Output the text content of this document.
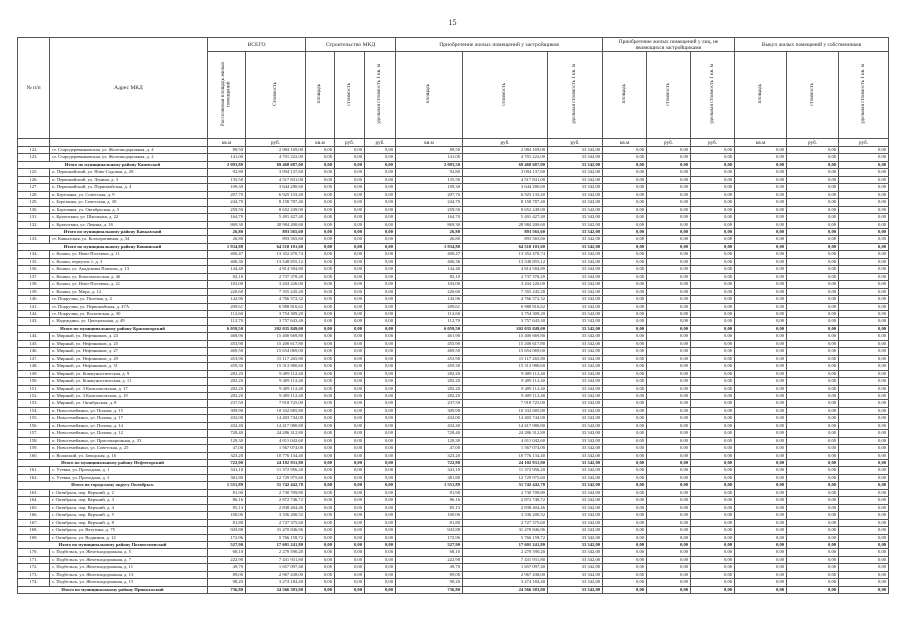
15
№ п/п	Адрес МКД	ВСЕГО		Строительство МКД			Приобретение жилых помещений у застройщиков			Приобретение жилых помещений у лиц, не являющихся застройщиками			Выкуп жилых помещений у собственников		
		Расселяемая площадь жилых помещений	Стоимость	площадь	стоимость	удельная стоимость 1 кв. м	площадь	стоимость	удельная стоимость 1 кв. м	площадь	стоимость	удельная стоимость 1 кв. м	площадь	стоимость	удельная стоимость 1 кв. м
		кв.м	руб.	кв.м	руб.	руб.	кв.м	руб.	руб.	кв.м	руб.	руб.	кв.м	руб.	руб.
122.	ст. Стародеревянковская, ул. Железнодорожная, д. 4	89,50	2 984 169,00	0,00	0,00	0,00	89,50	2 984 169,00	33 342,00	0,00	0,00	0,00	0,00	0,00	0,00
123.	ст. Стародеревянковская, ул. Железнодорожная, д. 2	141,00	4 701 222,00	0,00	0,00	0,00	141,00	4 701 222,00	33 342,00	0,00	0,00	0,00	0,00	0,00	0,00
Итого по муниципальному району Каневской		2 093,80	69 468 687,00	0,00	0,00	0,00	2 083,50	69 468 687,00	33 342,00	0,00	0,00	0,00	0,00	0,00	0,00
125.	п. Первомайский, ул. Ново-Садовая, д. 28	92,80	3 094 137,60	0,00	0,00	0,00	92,80	3 094 137,60	33 342,00	0,00	0,00	0,00	0,00	0,00	0,00
126.	п. Первомайский, ул. Ленина, д. 3	135,50	4 517 841,00	0,00	0,00	0,00	135,50	4 517 841,00	33 342,00	0,00	0,00	0,00	0,00	0,00	0,00
127.	п. Первомайский, ул. Первомайская, д. 4	109,30	3 644 280,60	0,00	0,00	0,00	109,30	3 644 280,60	33 342,00	0,00	0,00	0,00	0,00	0,00	0,00
128.	п. Березанка, ул. Советская, д. 9	207,70	6 925 133,40	0,00	0,00	0,00	207,70	6 925 133,40	33 342,00	0,00	0,00	0,00	0,00	0,00	0,00
129.	с. Березанка, ул. Советская, д. 30	244,70	8 158 787,40	0,00	0,00	0,00	244,70	8 158 787,40	33 342,00	0,00	0,00	0,00	0,00	0,00	0,00
130.	п. Березанка, ул. Октябрьская, д. 5	259,50	8 652 249,00	0,00	0,00	0,00	259,50	8 652 249,00	33 342,00	0,00	0,00	0,00	0,00	0,00	0,00
131.	с. Кропоткин, ул. Школьная, д. 22	164,70	5 491 427,40	0,00	0,00	0,00	164,70	5 491 427,40	33 342,00	0,00	0,00	0,00	0,00	0,00	0,00
132.	с. Кропоткин, ул. Ленина, д. 16	869,30	28 984 200,60	0,00	0,00	0,00	869,30	28 984 200,60	33 342,00	0,00	0,00	0,00	0,00	0,00	0,00
Итого по муниципальному району Кавказский		26,80	893 565,60	0,00	0,00	0,00	26,80	893 565,60	33 342,00	0,00	0,00	0,00	0,00	0,00	0,00
133.	ст. Кавказская, ул. Кооперативная, д. 34	26,80	893 565,60	0,00	0,00	0,00	26,80	893 565,60	33 342,00	0,00	0,00	0,00	0,00	0,00	0,00
Итого по муниципальному району Кошинский		1 934,80	64 510 101,60	0,00	0,00	0,00	1 934,80	64 510 101,60	33 342,00	0,00	0,00	0,00	0,00	0,00	0,00
134.	с. Кошки, ул. Ново-Полтавка, д. 11	400,47	13 352 470,74	0,00	0,00	0,00	400,47	13 352 470,74	33 342,00	0,00	0,00	0,00	0,00	0,00	0,00
135.	с. Кошки, переулок 1, д. 3	406,36	13 548 855,12	0,00	0,00	0,00	406,36	13 548 855,12	33 342,00	0,00	0,00	0,00	0,00	0,00	0,00
136.	с. Кошки, ул. Академика Павлова, д. 13	144,40	4 814 584,80	0,00	0,00	0,00	144,40	4 814 584,80	33 342,00	0,00	0,00	0,00	0,00	0,00	0,00
137.	с. Кошки, ул. Комсомольская, д. 46	82,10	2 737 378,20	0,00	0,00	0,00	82,10	2 737 378,20	33 342,00	0,00	0,00	0,00	0,00	0,00	0,00
138.	с. Кошки, ул. Ново-Полтавка, д. 21	103,00	3 434 226,00	0,00	0,00	0,00	103,00	3 434 226,00	33 342,00	0,00	0,00	0,00	0,00	0,00	0,00
139.	с. Кошки, ул. Мира, д. 12	220,60	7 355 245,20	0,00	0,00	0,00	220,60	7 355 245,20	33 342,00	0,00	0,00	0,00	0,00	0,00	0,00
140.	ст. Покручин, ул. Полевая, д. 2	142,96	4 766 572,32	0,00	0,00	0,00	142,96	4 766 572,32	33 342,00	0,00	0,00	0,00	0,00	0,00	0,00
141.	ст. Покручин, ул. Первомайская, д. 47А	209,61	6 988 816,62	0,00	0,00	0,00	209,61	6 988 816,62	33 342,00	0,00	0,00	0,00	0,00	0,00	0,00
142.	ст. Покручин, ул. Восковская, д. 30	112,60	3 754 309,20	0,00	0,00	0,00	112,60	3 754 309,20	33 342,00	0,00	0,00	0,00	0,00	0,00	0,00
143.	с. Надеждино, ул. Центральная, д. 49	112,70	3 757 643,40	0,00	0,00	0,00	112,70	3 757 643,40	33 342,00	0,00	0,00	0,00	0,00	0,00	0,00
Итого по муниципальному району Красногорский		6 059,50	202 035 849,00	0,00	0,00	0,00	6 059,50	202 035 849,00	33 342,00	0,00	0,00	0,00	0,00	0,00	0,00
144.	п. Мирный, ул. Нефтяников, д. 23	468,90	15 400 669,80	0,00	0,00	0,00	461,90	15 400 669,80	33 342,00	0,00	0,00	0,00	0,00	0,00	0,00
145.	п. Мирный, ул. Нефтяников, д. 25	453,90	15 200 617,80	0,00	0,00	0,00	455,90	15 200 617,80	33 342,00	0,00	0,00	0,00	0,00	0,00	0,00
146.	п. Мирный, ул. Нефтяников, д. 27	469,50	15 654 069,00	0,00	0,00	0,00	469,50	15 654 069,00	33 342,00	0,00	0,00	0,00	0,00	0,00	0,00
147.	п. Мирный, ул. Нефтяников, д. 29	453,90	15 117 265,80	0,00	0,00	0,00	453,90	15 117 265,80	33 342,00	0,00	0,00	0,00	0,00	0,00	0,00
148.	п. Мирный, ул. Нефтяников, д. 31	459,30	15 313 980,60	0,00	0,00	0,00	459,30	15 313 980,60	33 342,00	0,00	0,00	0,00	0,00	0,00	0,00
149.	п. Мирный, ул. Коммунистическая, д. 9	282,20	9 409 112,40	0,00	0,00	0,00	282,20	9 409 112,40	33 342,00	0,00	0,00	0,00	0,00	0,00	0,00
150.	п. Мирный, ул. Коммунистическая, д. 11	282,20	9 409 112,40	0,00	0,00	0,00	282,20	9 409 112,40	33 342,00	0,00	0,00	0,00	0,00	0,00	0,00
151.	п. Мирный, ул. 3 Комсомольская, д. 17	282,20	9 409 112,40	0,00	0,00	0,00	282,20	9 409 112,40	33 342,00	0,00	0,00	0,00	0,00	0,00	0,00
152.	п. Мирный, ул. 3 Комсомольская, д. 19	282,20	9 409 112,40	0,00	0,00	0,00	282,20	9 409 112,40	33 342,00	0,00	0,00	0,00	0,00	0,00	0,00
153.	п. Мирный, ул. Октябрьская, д. 8	237,50	7 918 725,00	0,00	0,00	0,00	237,50	7 918 725,00	33 342,00	0,00	0,00	0,00	0,00	0,00	0,00
154.	п. Новосемейкино, ул. Попова, д. 15	309,90	10 332 685,80	0,00	0,00	0,00	309,90	10 332 685,80	33 342,00	0,00	0,00	0,00	0,00	0,00	0,00
155.	п. Новосемейкино, ул. Попова, д. 17	432,00	14 403 744,00	0,00	0,00	0,00	432,00	14 403 744,00	33 342,00	0,00	0,00	0,00	0,00	0,00	0,00
156.	п. Новосемейкино, ул. Попова, д. 14	432,40	14 417 080,80	0,00	0,00	0,00	432,40	14 417 080,80	33 342,00	0,00	0,00	0,00	0,00	0,00	0,00
157.	п. Новосемейкино, ул. Попова, д. 12	728,40	24 286 312,80	0,00	0,00	0,00	728,40	24 286 312,80	33 342,00	0,00	0,00	0,00	0,00	0,00	0,00
158.	п. Новосемейкино, ул. Пристанционная, д. 33	120,30	4 011 042,60	0,00	0,00	0,00	120,30	4 011 042,60	33 342,00	0,00	0,00	0,00	0,00	0,00	0,00
159.	п. Новосемейкино, ул. Советская, д. 25	47,00	1 567 074,00	0,00	0,00	0,00	47,00	1 567 074,00	33 342,00	0,00	0,00	0,00	0,00	0,00	0,00
160.	с. Волжский, ул. Заводская, д. 16	323,20	10 776 134,40	0,00	0,00	0,00	323,20	10 776 134,40	33 342,00	0,00	0,00	0,00	0,00	0,00	0,00
Итого по муниципальному району Нефтегорский		722,90	24 102 931,80	0,00	0,00	0,00	722,90	24 102 931,80	33 342,00	0,00	0,00	0,00	0,00	0,00	0,00
161.	с. Утевка, ул. Проходная, д. 1	341,10	11 372 956,20	0,00	0,00	0,00	341,10	11 372 956,20	33 342,00	0,00	0,00	0,00	0,00	0,00	0,00
162.	с. Утевка, ул. Проходная, д. 3	381,80	12 729 975,60	0,00	0,00	0,00	381,80	12 729 975,60	33 342,00	0,00	0,00	0,00	0,00	0,00	0,00
Итого по городскому округу Октябрьск		1 551,89	51 742 442,78	0,00	0,00	0,00	1 551,89	51 742 442,78	33 342,00	0,00	0,00	0,00	0,00	0,00	0,00
163.	г. Октябрьск, пер. Верхний, д. 2	81,90	2 730 709,80	0,00	0,00	0,00	81,90	2 730 709,80	33 342,00	0,00	0,00	0,00	0,00	0,00	0,00
164.	г. Октябрьск, пер. Верхний, д. 3	86,16	2 872 746,72	0,00	0,00	0,00	86,16	2 872 746,72	33 342,00	0,00	0,00	0,00	0,00	0,00	0,00
165.	г. Октябрьск, пер. Верхний, д. 4	85,13	2 838 404,46	0,00	0,00	0,00	85,13	2 838 404,46	33 342,00	0,00	0,00	0,00	0,00	0,00	0,00
166.	г. Октябрьск, пер. Верхний, д. 5	100,06	3 336 200,52	0,00	0,00	0,00	100,06	3 336 200,52	33 342,00	0,00	0,00	0,00	0,00	0,00	0,00
167.	г. Октябрьск, пер. Верхний, д. 8	81,80	2 727 375,60	0,00	0,00	0,00	81,80	2 727 375,60	33 342,00	0,00	0,00	0,00	0,00	0,00	0,00
168.	г. Октябрьск, ул. Ватутина, д. 75	943,88	31 470 846,96	0,00	0,00	0,00	943,88	31 470 846,96	33 342,00	0,00	0,00	0,00	0,00	0,00	0,00
169.	г. Октябрьск, ул. Водников, д. 12	172,96	5 766 158,72	0,00	0,00	0,00	172,96	5 766 158,72	33 342,00	0,00	0,00	0,00	0,00	0,00	0,00
Итого по муниципальному району Похвистневский		527,90	17 601 241,80	0,00	0,00	0,00	527,90	17 601 241,80	33 342,00	0,00	0,00	0,00	0,00	0,00	0,00
170.	с. Подбельск, ул. Железнодорожная, д. 5	68,10	2 270 590,20	0,00	0,00	0,00	68,10	2 270 590,20	33 342,00	0,00	0,00	0,00	0,00	0,00	0,00
171.	с. Подбельск, ул. Железнодорожная, д. 7	222,90	7 431 931,80	0,00	0,00	0,00	222,90	7 431 931,80	33 342,00	0,00	0,00	0,00	0,00	0,00	0,00
172.	с. Подбельск, ул. Железнодорожная, д. 11	49,70	1 657 097,40	0,00	0,00	0,00	49,70	1 657 097,40	33 342,00	0,00	0,00	0,00	0,00	0,00	0,00
173.	с. Подбельск, ул. Железнодорожная, д. 13	89,00	2 967 438,00	0,00	0,00	0,00	89,00	2 967 438,00	33 342,00	0,00	0,00	0,00	0,00	0,00	0,00
174.	с. Подбельск, ул. Железнодорожная, д. 15	98,20	3 274 184,40	0,00	0,00	0,00	98,20	3 274 184,40	33 342,00	0,00	0,00	0,00	0,00	0,00	0,00
Итого по муниципальному району Приволжский		736,80	24 566 383,00	0,00	0,00	0,00	736,80	24 566 383,00	33 342,00	0,00	0,00	0,00	0,00	0,00	0,00
